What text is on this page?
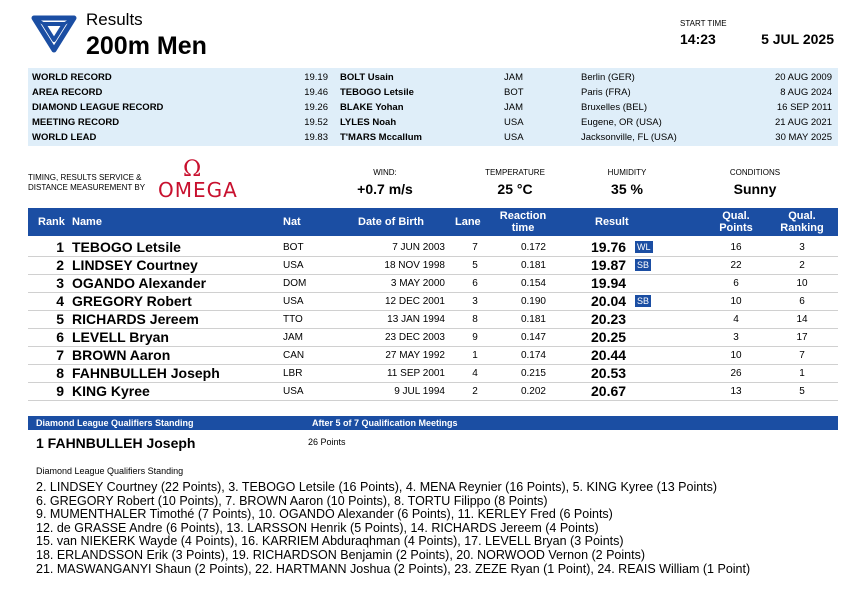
Results
200m Men
START TIME
14:23	5 JUL 2025
WORLD RECORD	19.19 BOLT Usain	JAM	Berlin (GER)	20 AUG 2009
AREA RECORD	19.46 TEBOGO Letsile	BOT	Paris (FRA)	8 AUG 2024
DIAMOND LEAGUE RECORD	19.26 BLAKE Yohan	JAM	Bruxelles (BEL)	16 SEP 2011
MEETING RECORD	19.52 LYLES Noah	USA	Eugene, OR (USA)	21 AUG 2021
WORLD LEAD	19.83 T'MARS Mccallum	USA	Jacksonville, FL (USA)	30 MAY 2025
TIMING, RESULTS SERVICE &
DISTANCE MEASUREMENT BY
Ω
OMEGA
WIND:
+0.7 m/s
TEMPERATURE
25 °C
HUMIDITY
35 %
CONDITIONS
Sunny
Rank Name	Nat	Date of Birth	Lane	Reaction
time	Result	Qual.
Points
Qual.
Ranking
1 TEBOGO Letsile	BOT	7 JUN 2003	7	0.172	19.76 WL	16	3
2 LINDSEY Courtney	USA	18 NOV 1998	5	0.181	19.87 SB	22	2
3 OGANDO Alexander	DOM	3 MAY 2000	6	0.154	19.94	6	10
4 GREGORY Robert	USA	12 DEC 2001	3	0.190	20.04 SB	10	6
5 RICHARDS Jereem	TTO	13 JAN 1994	8	0.181	20.23	4	14
6 LEVELL Bryan	JAM	23 DEC 2003	9	0.147	20.25	3	17
7 BROWN Aaron	CAN	27 MAY 1992	1	0.174	20.44	10	7
8 FAHNBULLEH Joseph	LBR	11 SEP 2001	4	0.215	20.53	26	1
9 KING Kyree	USA	9 JUL 1994	2	0.202	20.67	13	5
Diamond League Qualifiers Standing	After 5 of 7 Qualification Meetings
1 FAHNBULLEH Joseph	26 Points
Diamond League Qualifiers Standing
2. LINDSEY Courtney (22 Points), 3. TEBOGO Letsile (16 Points), 4. MENA Reynier (16 Points), 5. KING Kyree (13 Points)
6. GREGORY Robert (10 Points), 7. BROWN Aaron (10 Points), 8. TORTU Filippo (8 Points)
9. MUMENTHALER Timothé (7 Points), 10. OGANDO Alexander (6 Points), 11. KERLEY Fred (6 Points)
12. de GRASSE Andre (6 Points), 13. LARSSON Henrik (5 Points), 14. RICHARDS Jereem (4 Points)
15. van NIEKERK Wayde (4 Points), 16. KARRIEM Abduraqhman (4 Points), 17. LEVELL Bryan (3 Points)
18. ERLANDSSON Erik (3 Points), 19. RICHARDSON Benjamin (2 Points), 20. NORWOOD Vernon (2 Points)
21. MASWANGANYI Shaun (2 Points), 22. HARTMANN Joshua (2 Points), 23. ZEZE Ryan (1 Point), 24. REAIS William (1 Point)
